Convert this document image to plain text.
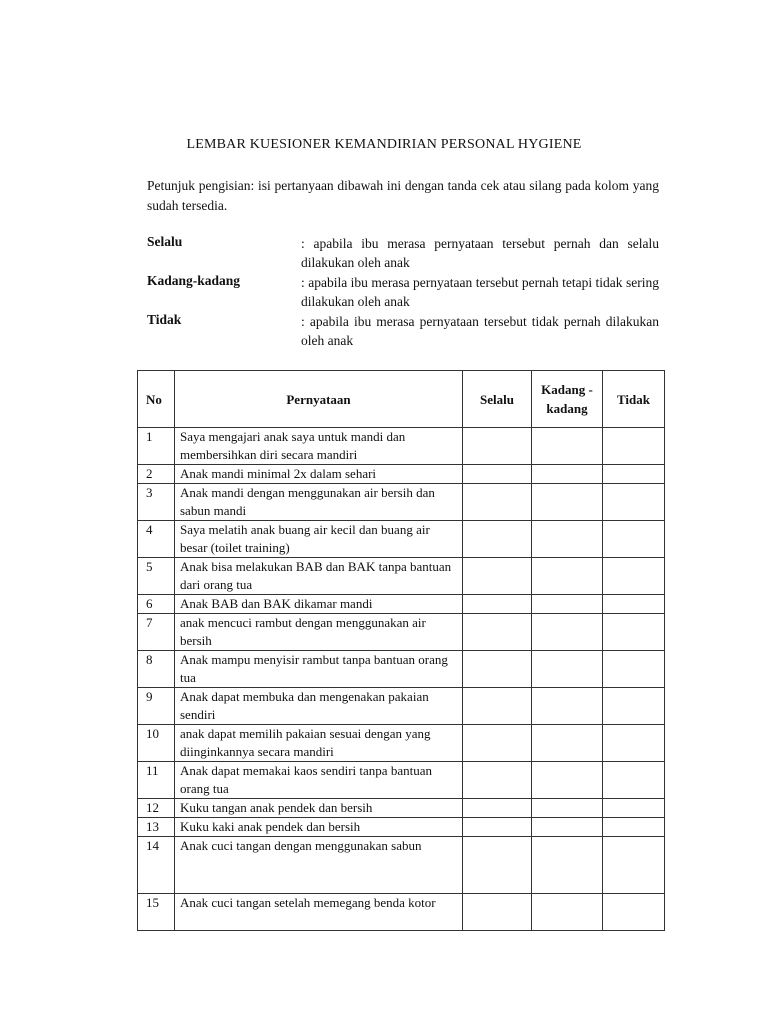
LEMBAR KUESIONER KEMANDIRIAN PERSONAL HYGIENE
Petunjuk pengisian: isi pertanyaan dibawah ini dengan tanda cek atau silang pada kolom yang sudah tersedia.
Selalu	: apabila ibu merasa pernyataan tersebut pernah dan selalu dilakukan oleh anak
Kadang-kadang	: apabila ibu merasa pernyataan tersebut pernah tetapi tidak sering dilakukan oleh anak
Tidak	: apabila ibu merasa pernyataan tersebut tidak pernah dilakukan oleh anak
No	Pernyataan	Selalu	Kadang -kadang	Tidak
1	Saya mengajari anak saya untuk mandi dan membersihkan diri secara mandiri			
2	Anak mandi minimal 2x dalam sehari			
3	Anak mandi dengan menggunakan air bersih dan sabun mandi			
4	Saya melatih anak buang air kecil dan buang air besar (toilet training)			
5	Anak bisa melakukan BAB dan BAK tanpa bantuan dari orang tua			
6	Anak BAB dan BAK dikamar mandi			
7	anak mencuci rambut dengan menggunakan air bersih			
8	Anak mampu menyisir rambut tanpa bantuan orang tua			
9	Anak dapat membuka dan mengenakan pakaian sendiri			
10	anak dapat memilih pakaian sesuai dengan yang diinginkannya secara mandiri			
11	Anak dapat memakai kaos sendiri tanpa bantuan orang tua			
12	Kuku tangan anak pendek dan bersih			
13	Kuku kaki anak pendek dan bersih			
14	Anak cuci tangan dengan menggunakan sabun			
15	Anak cuci tangan setelah memegang benda kotor			
